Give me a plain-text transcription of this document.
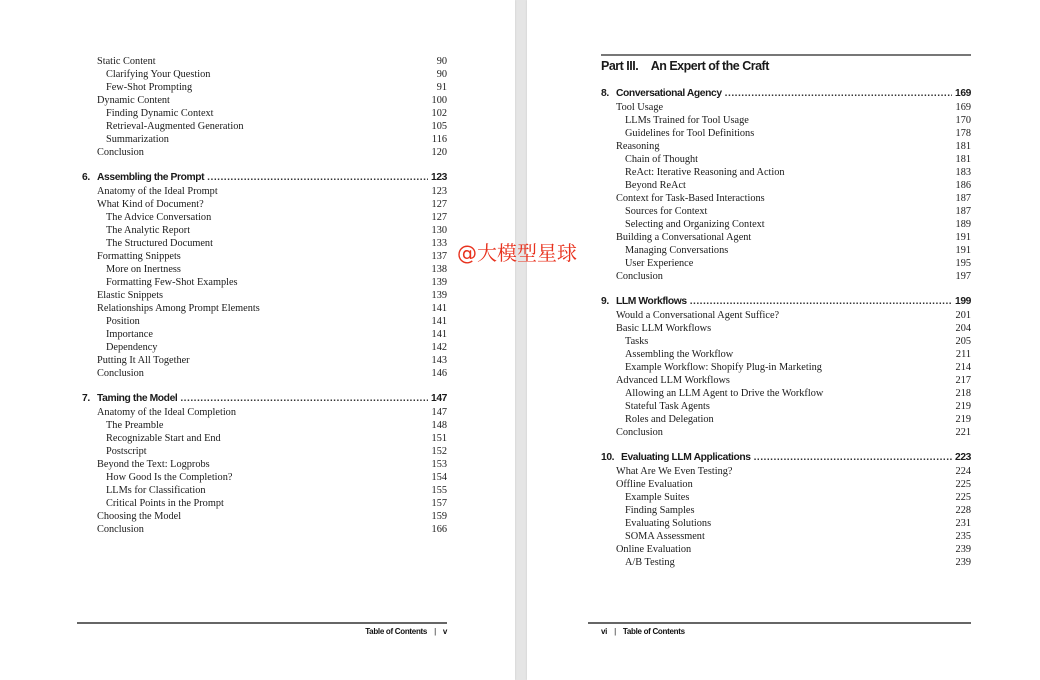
Static Content	90
Clarifying Your Question	90
Few-Shot Prompting	91
Dynamic Content	100
Finding Dynamic Context	102
Retrieval-Augmented Generation	105
Summarization	116
Conclusion	120
6. Assembling the Prompt . . .	123
Anatomy of the Ideal Prompt	123
What Kind of Document?	127
The Advice Conversation	127
The Analytic Report	130
The Structured Document	133
Formatting Snippets	137
More on Inertness	138
Formatting Few-Shot Examples	139
Elastic Snippets	139
Relationships Among Prompt Elements	141
Position	141
Importance	141
Dependency	142
Putting It All Together	143
Conclusion	146
7. Taming the Model . . .	147
Anatomy of the Ideal Completion	147
The Preamble	148
Recognizable Start and End	151
Postscript	152
Beyond the Text: Logprobs	153
How Good Is the Completion?	154
LLMs for Classification	155
Critical Points in the Prompt	157
Choosing the Model	159
Conclusion	166
Part III. An Expert of the Craft
8. Conversational Agency . . .	169
Tool Usage	169
LLMs Trained for Tool Usage	170
Guidelines for Tool Definitions	178
Reasoning	181
Chain of Thought	181
ReAct: Iterative Reasoning and Action	183
Beyond ReAct	186
Context for Task-Based Interactions	187
Sources for Context	187
Selecting and Organizing Context	189
Building a Conversational Agent	191
Managing Conversations	191
User Experience	195
Conclusion	197
9. LLM Workflows . . .	199
Would a Conversational Agent Suffice?	201
Basic LLM Workflows	204
Tasks	205
Assembling the Workflow	211
Example Workflow: Shopify Plug-in Marketing	214
Advanced LLM Workflows	217
Allowing an LLM Agent to Drive the Workflow	218
Stateful Task Agents	219
Roles and Delegation	219
Conclusion	221
10. Evaluating LLM Applications . . .	223
What Are We Even Testing?	224
Offline Evaluation	225
Example Suites	225
Finding Samples	228
Evaluating Solutions	231
SOMA Assessment	235
Online Evaluation	239
A/B Testing	239
Table of Contents | v	vi | Table of Contents
@大模型星球
